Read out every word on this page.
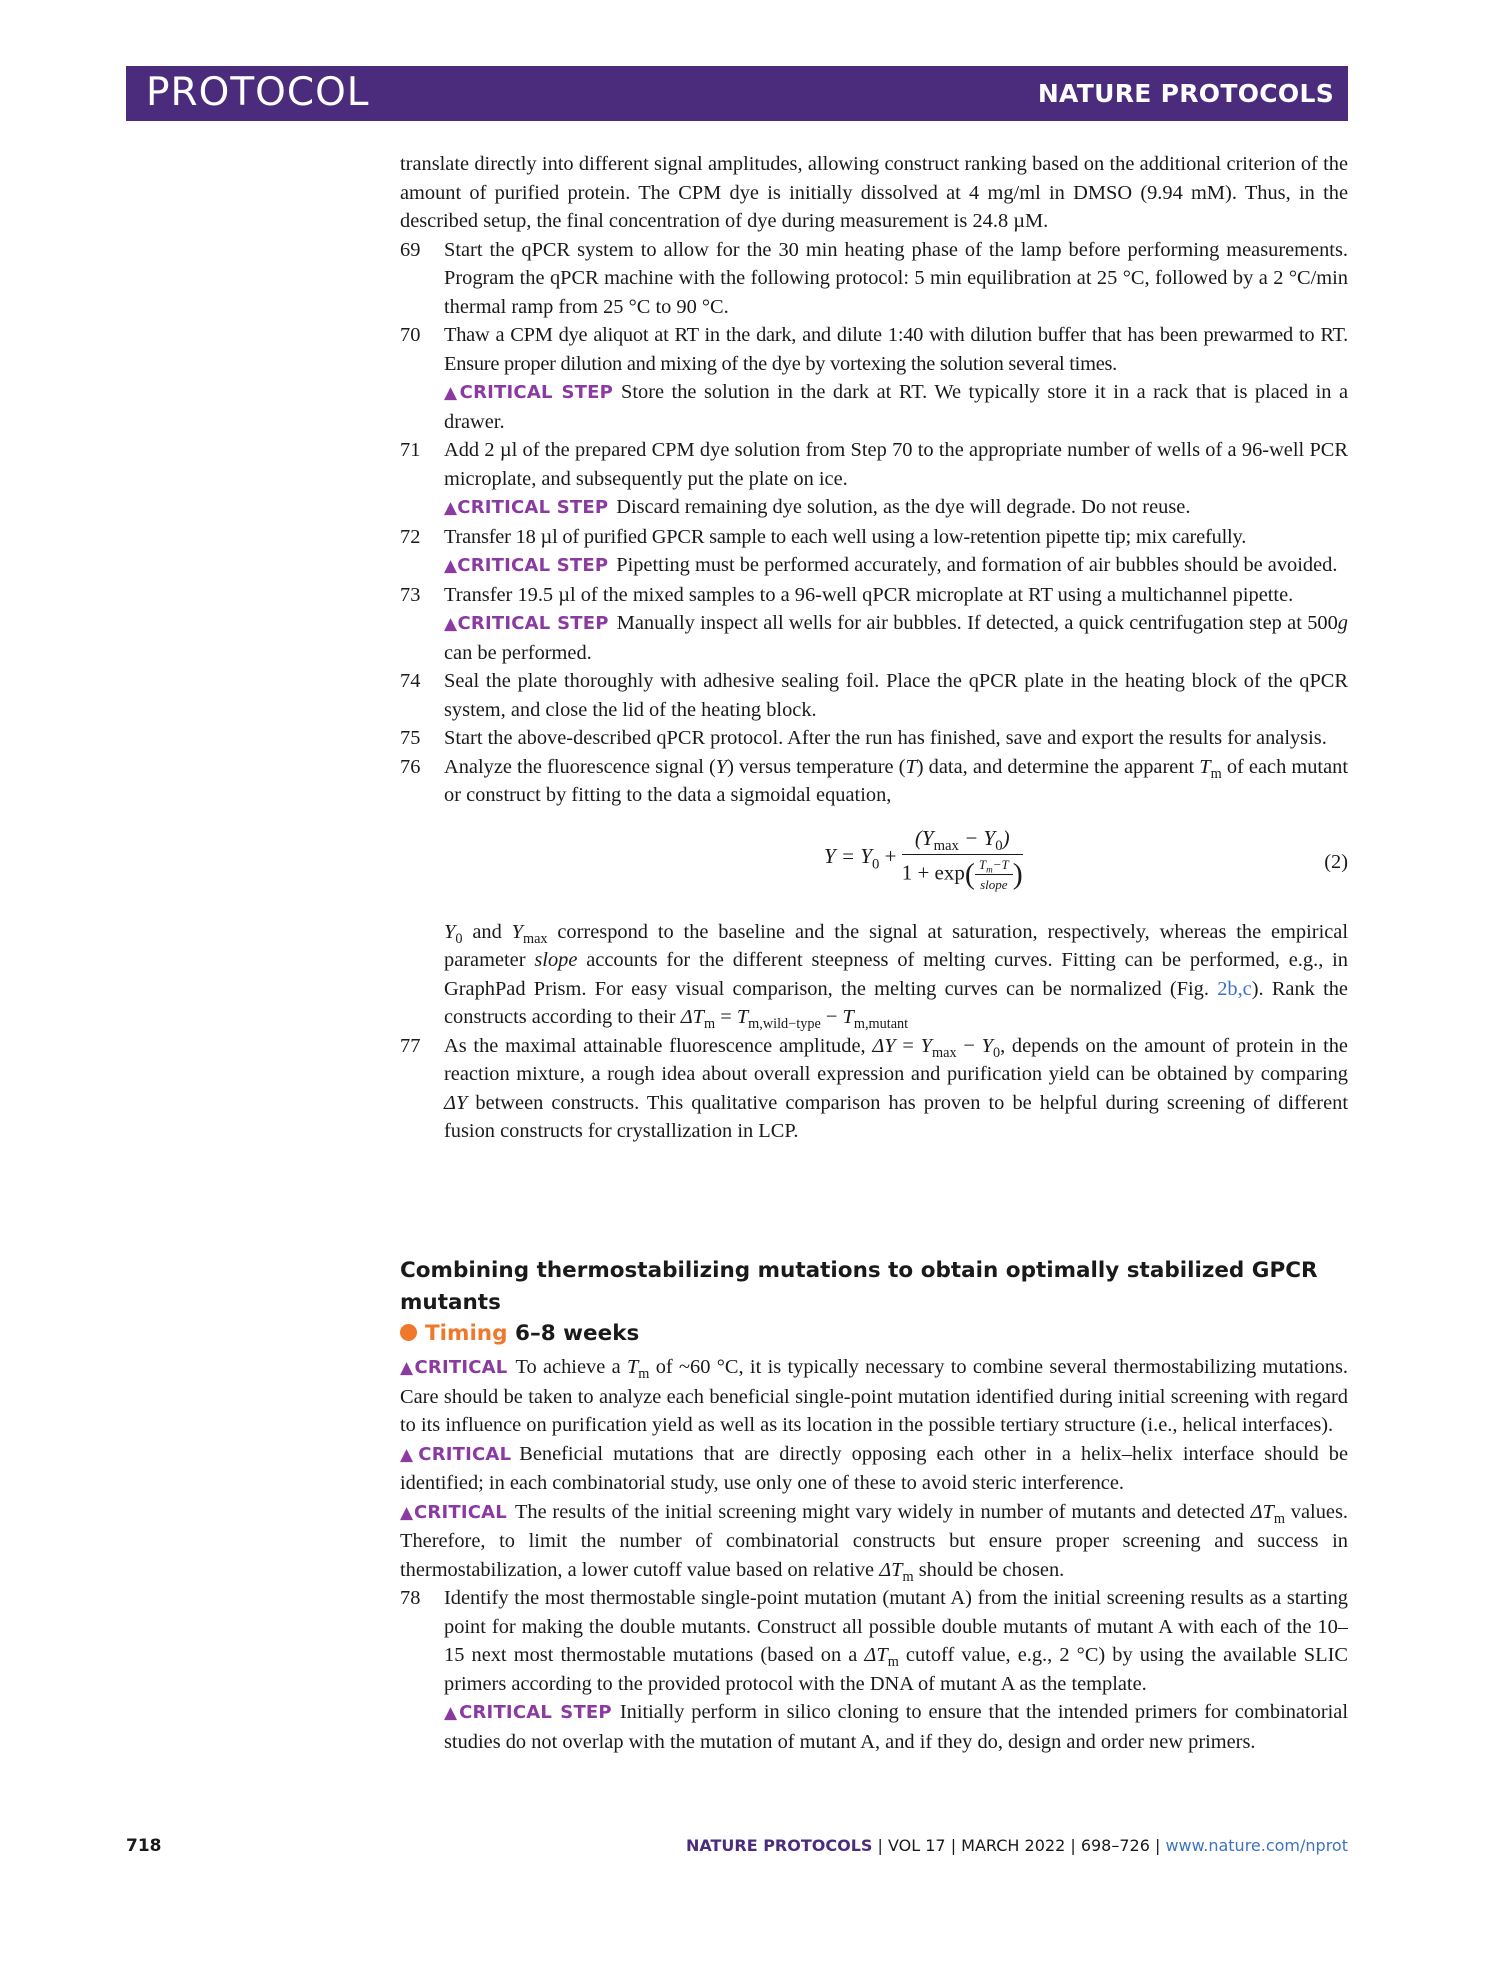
PROTOCOL	NATURE PROTOCOLS

translate directly into different signal amplitudes, allowing construct ranking based on the additional criterion of the amount of purified protein. The CPM dye is initially dissolved at 4 mg/ml in DMSO (9.94 mM). Thus, in the described setup, the final concentration of dye during measurement is 24.8 µM.

69 Start the qPCR system to allow for the 30 min heating phase of the lamp before performing measurements. Program the qPCR machine with the following protocol: 5 min equilibration at 25 °C, followed by a 2 °C/min thermal ramp from 25 °C to 90 °C.
70 Thaw a CPM dye aliquot at RT in the dark, and dilute 1:40 with dilution buffer that has been prewarmed to RT. Ensure proper dilution and mixing of the dye by vortexing the solution several times.
▲CRITICAL STEP Store the solution in the dark at RT. We typically store it in a rack that is placed in a drawer.
71 Add 2 µl of the prepared CPM dye solution from Step 70 to the appropriate number of wells of a 96-well PCR microplate, and subsequently put the plate on ice.
▲CRITICAL STEP Discard remaining dye solution, as the dye will degrade. Do not reuse.
72 Transfer 18 µl of purified GPCR sample to each well using a low-retention pipette tip; mix carefully.
▲CRITICAL STEP Pipetting must be performed accurately, and formation of air bubbles should be avoided.
73 Transfer 19.5 µl of the mixed samples to a 96-well qPCR microplate at RT using a multichannel pipette.
▲CRITICAL STEP Manually inspect all wells for air bubbles. If detected, a quick centrifugation step at 500g can be performed.
74 Seal the plate thoroughly with adhesive sealing foil. Place the qPCR plate in the heating block of the qPCR system, and close the lid of the heating block.
75 Start the above-described qPCR protocol. After the run has finished, save and export the results for analysis.
76 Analyze the fluorescence signal (Y) versus temperature (T) data, and determine the apparent $T_m$ of each mutant or construct by fitting to the data a sigmoidal equation,
$Y = Y_0 + (Y_{max} - Y_0)$
1 + exp( $T_m-T$
slope )	(2)
$Y_0$ and $Y_{max}$ correspond to the baseline and the signal at saturation, respectively, whereas the empirical parameter slope accounts for the different steepness of melting curves. Fitting can be performed, e.g., in GraphPad Prism. For easy visual comparison, the melting curves can be normalized (Fig. 2b,c). Rank the constructs according to their $\Delta T_m = T_{m,wild-type} - T_{m,mutant}$
77 As the maximal attainable fluorescence amplitude, $\Delta Y = Y_{max} - Y_0$, depends on the amount of protein in the reaction mixture, a rough idea about overall expression and purification yield can be obtained by comparing ΔY between constructs. This qualitative comparison has proven to be helpful during screening of different fusion constructs for crystallization in LCP.

Combining thermostabilizing mutations to obtain optimally stabilized GPCR mutants

Timing 6–8 weeks

▲CRITICAL To achieve a $T_m$ of ~60 °C, it is typically necessary to combine several thermostabilizing mutations. Care should be taken to analyze each beneficial single-point mutation identified during initial screening with regard to its influence on purification yield as well as its location in the possible tertiary structure (i.e., helical interfaces).

▲CRITICAL Beneficial mutations that are directly opposing each other in a helix–helix interface should be identified; in each combinatorial study, use only one of these to avoid steric interference.

▲CRITICAL The results of the initial screening might vary widely in number of mutants and detected $\Delta T_m$ values. Therefore, to limit the number of combinatorial constructs but ensure proper screening and success in thermostabilization, a lower cutoff value based on relative $\Delta T_m$ should be chosen.

78 Identify the most thermostable single-point mutation (mutant A) from the initial screening results as a starting point for making the double mutants. Construct all possible double mutants of mutant A with each of the 10–15 next most thermostable mutations (based on a $\Delta T_m$ cutoff value, e.g., 2 °C) by using the available SLIC primers according to the provided protocol with the DNA of mutant A as the template.
▲CRITICAL STEP Initially perform in silico cloning to ensure that the intended primers for combinatorial studies do not overlap with the mutation of mutant A, and if they do, design and order new primers.
718	NATURE PROTOCOLS | VOL 17 | MARCH 2022 | 698–726 | www.nature.com/nprot
